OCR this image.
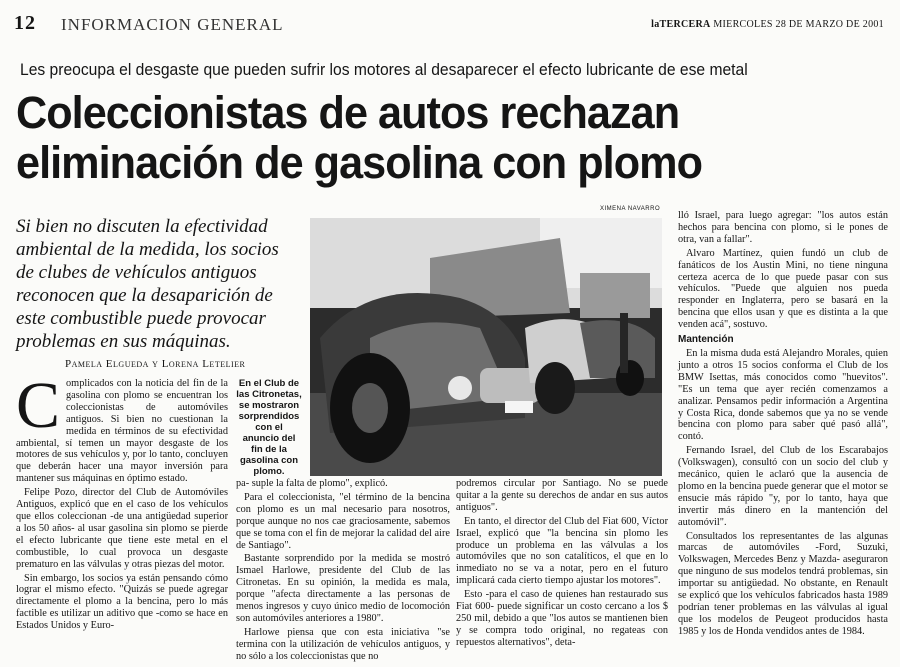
12 INFORMACION GENERAL	laTERCERA MIERCOLES 28 DE MARZO DE 2001
Les preocupa el desgaste que pueden sufrir los motores al desaparecer el efecto lubricante de ese metal
Coleccionistas de autos rechazan eliminación de gasolina con plomo
Si bien no discuten la efectividad ambiental de la medida, los socios de clubes de vehículos antiguos reconocen que la desaparición de este combustible puede provocar problemas en sus máquinas.
Pamela Elgueda y Lorena Letelier
C omplicados con la noticia del fin de la gasolina con plomo se encuentran los coleccionistas de automóviles antiguos. Si bien no cuestionan la medida en términos de su efectividad ambiental, sí temen un mayor desgaste de los motores de sus vehículos y, por lo tanto, concluyen que deberán hacer una mayor inversión para mantener sus máquinas en óptimo estado.

Felipe Pozo, director del Club de Automóviles Antiguos, explicó que en el caso de los vehículos que ellos coleccionan -de una antigüedad superior a los 50 años- al usar gasolina sin plomo se pierde el efecto lubricante que tiene este metal en el combustible, lo cual provoca un desgaste prematuro en las válvulas y otras piezas del motor.

Sin embargo, los socios ya están pensando cómo lograr el mismo efecto. "Quizás se puede agregar directamente el plomo a la bencina, pero lo más factible es utilizar un aditivo que -como se hace en Estados Unidos y Euro-

En el Club de las Citronetas, se mostraron sorprendidos con el anuncio del fin de la gasolina con plomo.
XIMENA NAVARRO

pa- suple la falta de plomo", explicó.

Para el coleccionista, "el término de la bencina con plomo es un mal necesario para nosotros, porque aunque no nos cae graciosamente, sabemos que se toma con el fin de mejorar la calidad del aire de Santiago".

Bastante sorprendido por la medida se mostró Ismael Harlowe, presidente del Club de las Citronetas. En su opinión, la medida es mala, porque "afecta directamente a las personas de menos ingresos y cuyo único medio de locomoción son automóviles anteriores a 1980".

Harlowe piensa que con esta iniciativa "se termina con la utilización de vehículos antiguos, y no sólo a los coleccionistas que no

podremos circular por Santiago. No se puede quitar a la gente su derechos de andar en sus autos antiguos".

En tanto, el director del Club del Fiat 600, Víctor Israel, explicó que "la bencina sin plomo les produce un problema en las válvulas a los automóviles que no son catalíticos, el que en lo inmediato no se va a notar, pero en el futuro implicará cada cierto tiempo ajustar los motores".

Esto -para el caso de quienes han restaurado sus Fiat 600- puede significar un costo cercano a los $ 250 mil, debido a que "los autos se mantienen bien y se compra todo original, no regateas con repuestos alternativos", deta-

lló Israel, para luego agregar: "los autos están hechos para bencina con plomo, si le pones de otra, van a fallar".

Alvaro Martínez, quien fundó un club de fanáticos de los Austin Mini, no tiene ninguna certeza acerca de lo que puede pasar con sus vehículos. "Puede que alguien nos pueda responder en Inglaterra, pero se basará en la bencina que ellos usan y que es distinta a la que venden acá", sostuvo.

Mantención

En la misma duda está Alejandro Morales, quien junto a otros 15 socios conforma el Club de los BMW Isettas, más conocidos como "huevitos". "Es un tema que ayer recién comenzamos a analizar. Pensamos pedir información a Argentina y Costa Rica, donde sabemos que ya no se vende bencina con plomo para saber qué pasó allá", contó.

Fernando Israel, del Club de los Escarabajos (Volkswagen), consultó con un socio del club y mecánico, quien le aclaró que la ausencia de plomo en la bencina puede generar que el motor se ensucie más rápido "y, por lo tanto, haya que invertir más dinero en la mantención del automóvil".

Consultados los representantes de las algunas marcas de automóviles -Ford, Suzuki, Volkswagen, Mercedes Benz y Mazda- aseguraron que ninguno de sus modelos tendrá problemas, sin importar su antigüedad. No obstante, en Renault se explicó que los vehículos fabricados hasta 1989 podrían tener problemas en las válvulas al igual que los modelos de Peugeot producidos hasta 1985 y los de Honda vendidos antes de 1984.
